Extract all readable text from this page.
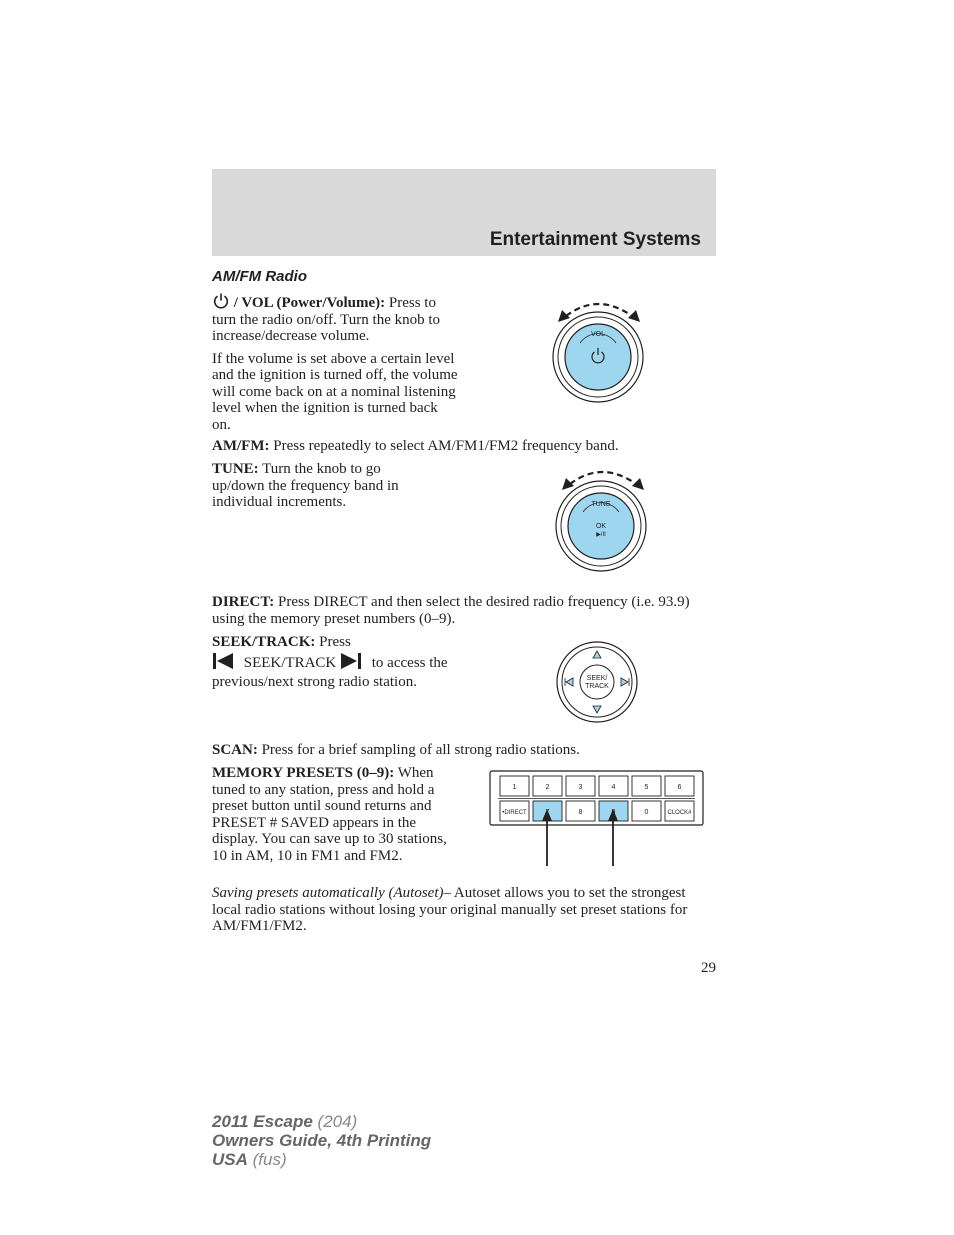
Entertainment Systems
AM/FM Radio

/ VOL (Power/Volume): Press to turn the radio on/off. Turn the knob to increase/decrease volume.

If the volume is set above a certain level and the ignition is turned off, the volume will come back on at a nominal listening level when the ignition is turned back on.

VOL

AM/FM: Press repeatedly to select AM/FM1/FM2 frequency band.

TUNE: Turn the knob to go up/down the frequency band in individual increments.	TUNE
OK
▶/II

DIRECT: Press DIRECT and then select the desired radio frequency (i.e. 93.9) using the memory preset numbers (0–9).

SEEK/TRACK: Press
SEEK/TRACK to access the
previous/next strong radio station.	SEEK/
TRACK

SCAN: Press for a brief sampling of all strong radio stations.

MEMORY PRESETS (0–9): When tuned to any station, press and hold a preset button until sound returns and PRESET # SAVED appears in the display. You can save up to 30 stations, 10 in AM, 10 in FM1 and FM2.

1	2	3	4	5	6
•DIRECT	8	0	CLOCK#

Saving presets automatically (Autoset)– Autoset allows you to set the strongest local radio stations without losing your original manually set preset stations for AM/FM1/FM2.

29
2011 Escape (204)
Owners Guide, 4th Printing
USA (fus)
